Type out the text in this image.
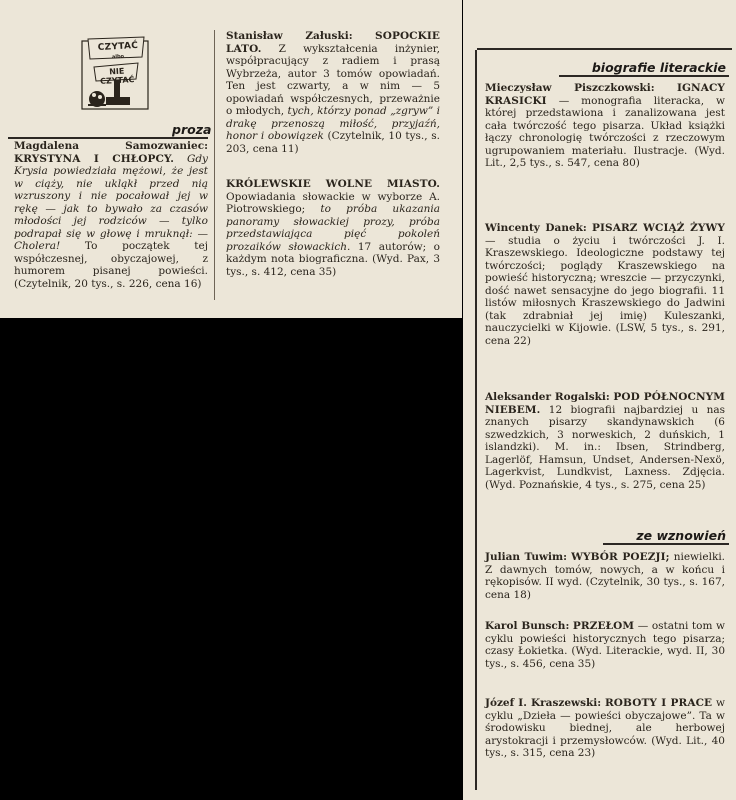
CZYTAĆ
albo
NIE CZYTAĆ
proza

Magdalena Samozwaniec: KRYSTYNA I CHŁOPCY. Gdy Krysia powiedziała mężowi, że jest w ciąży, nie ukląkł przed nią wzruszony i nie pocałował jej w rękę — jak to bywało za czasów młodości jej rodziców — tylko podrapał się w głowę i mruknął: — Cholera! To początek tej współczesnej, obyczajowej, z humorem pisanej powieści. (Czytelnik, 20 tys., s. 226, cena 16)

Stanisław Załuski: SOPOCKIE LATO. Z wykształcenia inżynier, współpracujący z radiem i prasą Wybrzeża, autor 3 tomów opowiadań. Ten jest czwarty, a w nim — 5 opowiadań współczesnych, przeważnie o młodych, tych, którzy ponad „zgryw” i drakę przenoszą miłość, przyjaźń, honor i obowiązek (Czytelnik, 10 tys., s. 203, cena 11)

KRÓLEWSKIE WOLNE MIASTO. Opowiadania słowackie w wyborze A. Piotrowskiego; to próba ukazania panoramy słowackiej prozy, próba przedstawiająca pięć pokoleń prozaików słowackich. 17 autorów; o każdym nota biograficzna. (Wyd. Pax, 3 tys., s. 412, cena 35)

biografie literackie

Mieczysław Piszczkowski: IGNACY KRASICKI — monografia literacka, w której przedstawiona i zanalizowana jest cała twórczość tego pisarza. Układ książki łączy chronologię twórczości z rzeczowym ugrupowaniem materiału. Ilustracje. (Wyd. Lit., 2,5 tys., s. 547, cena 80)

Wincenty Danek: PISARZ WCIĄŻ ŻYWY — studia o życiu i twórczości J. I. Kraszewskiego. Ideologiczne podstawy tej twórczości; poglądy Kraszewskiego na powieść historyczną; wreszcie — przyczynki, dość nawet sensacyjne do jego biografii. 11 listów miłosnych Kraszewskiego do Jadwini (tak zdrabniał jej imię) Kuleszanki, nauczycielki w Kijowie. (LSW, 5 tys., s. 291, cena 22)

Aleksander Rogalski: POD PÓŁNOCNYM NIEBEM. 12 biografii najbardziej u nas znanych pisarzy skandynawskich (6 szwedzkich, 3 norweskich, 2 duńskich, 1 islandzki). M. in.: Ibsen, Strindberg, Lagerlöf, Hamsun, Undset, Andersen-Nexö, Lagerkvist, Lundkvist, Laxness. Zdjęcia. (Wyd. Poznańskie, 4 tys., s. 275, cena 25)

ze wznowień

Julian Tuwim: WYBÓR POEZJI; niewielki. Z dawnych tomów, nowych, a w końcu i rękopisów. II wyd. (Czytelnik, 30 tys., s. 167, cena 18)

Karol Bunsch: PRZEŁOM — ostatni tom w cyklu powieści historycznych tego pisarza; czasy Łokietka. (Wyd. Literackie, wyd. II, 30 tys., s. 456, cena 35)

Józef I. Kraszewski: ROBOTY I PRACE w cyklu „Dzieła — powieści obyczajowe”. Ta w środowisku biednej, ale herbowej arystokracji i przemysłowców. (Wyd. Lit., 40 tys., s. 315, cena 23)
